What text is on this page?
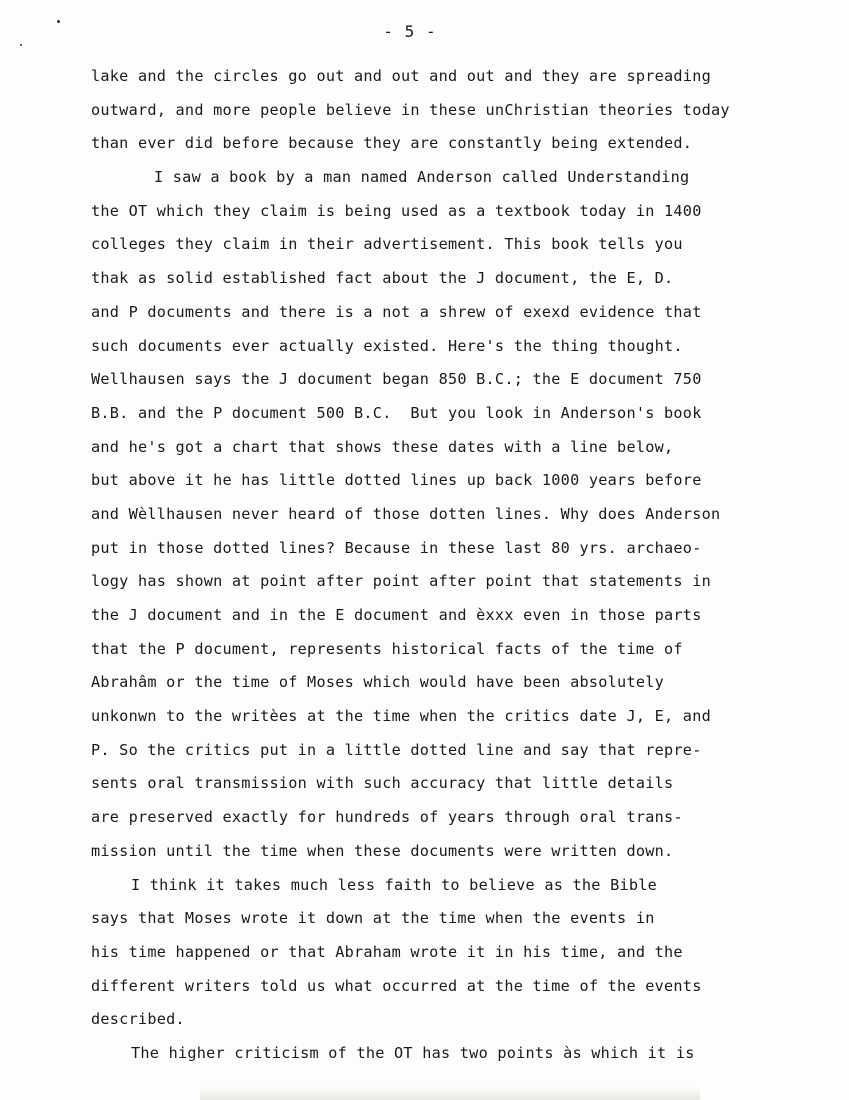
- 5 -
lake and the circles go out and out and out and they are spreading
outward, and more people believe in these unChristian theories today
than ever did before because they are constantly being extended.
I saw a book by a man named Anderson called Understanding
the OT which they claim is being used as a textbook today in 1400
colleges they claim in their advertisement. This book tells you
thak as solid established fact about the J document, the E, D.
and P documents and there is a not a shrew of exexd evidence that
such documents ever actually existed. Here's the thing thought.
Wellhausen says the J document began 850 B.C.; the E document 750
B.B. and the P document 500 B.C.  But you look in Anderson's book
and he's got a chart that shows these dates with a line below,
but above it he has little dotted lines up back 1000 years before
and Wèllhausen never heard of those dotten lines. Why does Anderson
put in those dotted lines? Because in these last 80 yrs. archaeo-
logy has shown at point after point after point that statements in
the J document and in the E document and èxxx even in those parts
that the P document, represents historical facts of the time of
Abrahâm or the time of Moses which would have been absolutely
unkonwn to the writèes at the time when the critics date J, E, and
P. So the critics put in a little dotted line and say that repre-
sents oral transmission with such accuracy that little details
are preserved exactly for hundreds of years through oral trans-
mission until the time when these documents were written down.
I think it takes much less faith to believe as the Bible
says that Moses wrote it down at the time when the events in
his time happened or that Abraham wrote it in his time, and the
different writers told us what occurred at the time of the events
described.
The higher criticism of the OT has two points às which it is
